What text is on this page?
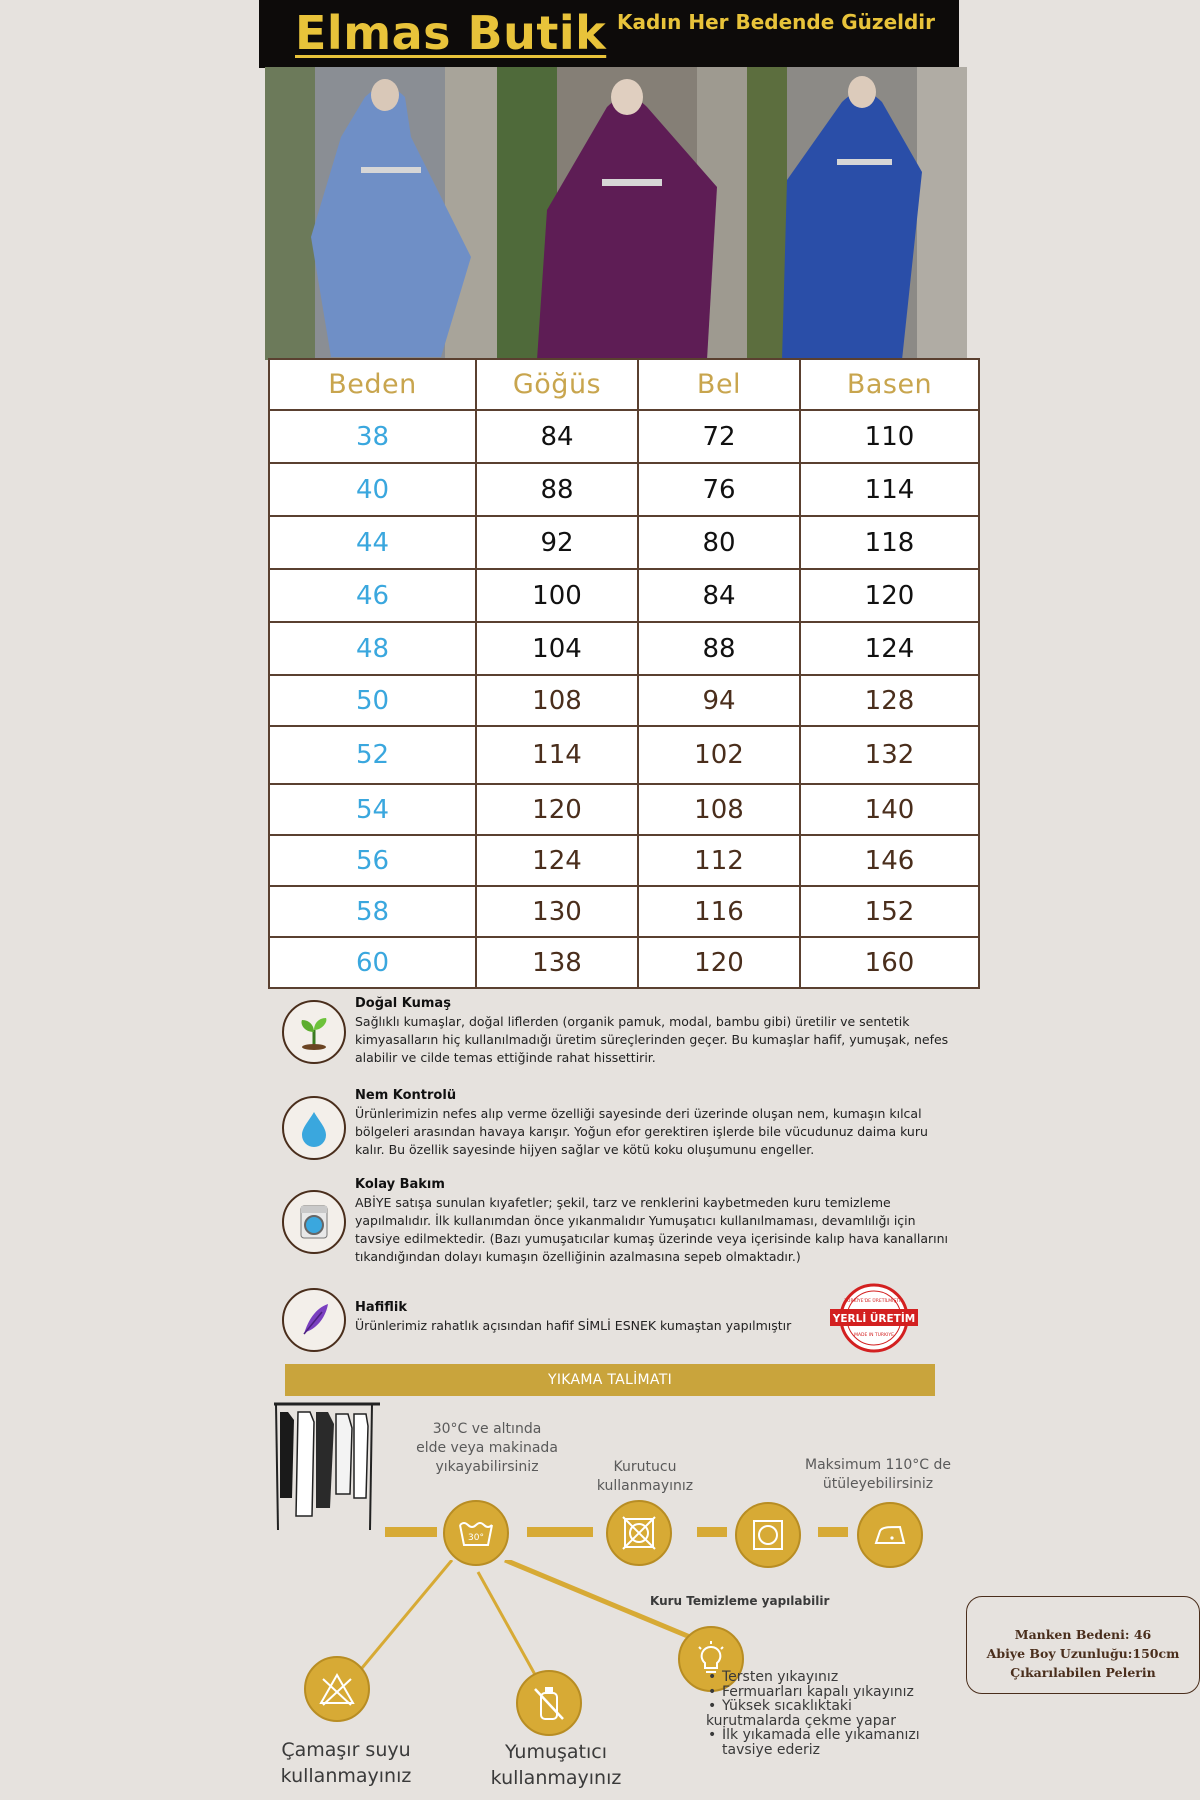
Elmas Butik Kadın Her Bedende Güzeldir
Beden	Göğüs	Bel	Basen
38	84	72	110
40	88	76	114
44	92	80	118
46	100	84	120
48	104	88	124
50	108	94	128
52	114	102	132
54	120	108	140
56	124	112	146
58	130	116	152
60	138	120	160
Doğal Kumaş
Sağlıklı kumaşlar, doğal liflerden (organik pamuk, modal, bambu gibi) üretilir ve sentetik kimyasalların hiç kullanılmadığı üretim süreçlerinden geçer. Bu kumaşlar hafif, yumuşak, nefes alabilir ve cilde temas ettiğinde rahat hissettirir.
Nem Kontrolü
Ürünlerimizin nefes alıp verme özelliği sayesinde deri üzerinde oluşan nem, kumaşın kılcal bölgeleri arasından havaya karışır. Yoğun efor gerektiren işlerde bile vücudunuz daima kuru kalır. Bu özellik sayesinde hijyen sağlar ve kötü koku oluşumunu engeller.
Kolay Bakım
ABİYE satışa sunulan kıyafetler; şekil, tarz ve renklerini kaybetmeden kuru temizleme yapılmalıdır. İlk kullanımdan önce yıkanmalıdır Yumuşatıcı kullanılmaması, devamlılığı için tavsiye edilmektedir. (Bazı yumuşatıcılar kumaş üzerinde veya içerisinde kalıp hava kanallarını tıkandığından dolayı kumaşın özelliğinin azalmasına sepeb olmaktadır.)
Hafiflik
Ürünlerimiz rahatlık açısından hafif SİMLİ ESNEK kumaştan yapılmıştır
TÜRKİYE'DE ÜRETİLMİŞTİR
YERLİ ÜRETİM
MADE IN TURKIYE
YIKAMA TALİMATI
30°C ve altında
elde veya makinada
yıkayabilirsiniz	Kurutucu
kullanmayınız
Maksimum 110°C de
ütüleyebilirsiniz
30°
Kuru Temizleme yapılabilir
Çamaşır suyu
kullanmayınız
Yumuşatıcı
kullanmayınız
• Tersten yıkayınız
• Fermuarları kapalı yıkayınız
• Yüksek sıcaklıktaki
kurutmalarda çekme yapar
• İlk yıkamada elle yıkamanızı
tavsiye ederiz
Manken Bedeni: 46
Abiye Boy Uzunluğu:150cm
Çıkarılabilen Pelerin
